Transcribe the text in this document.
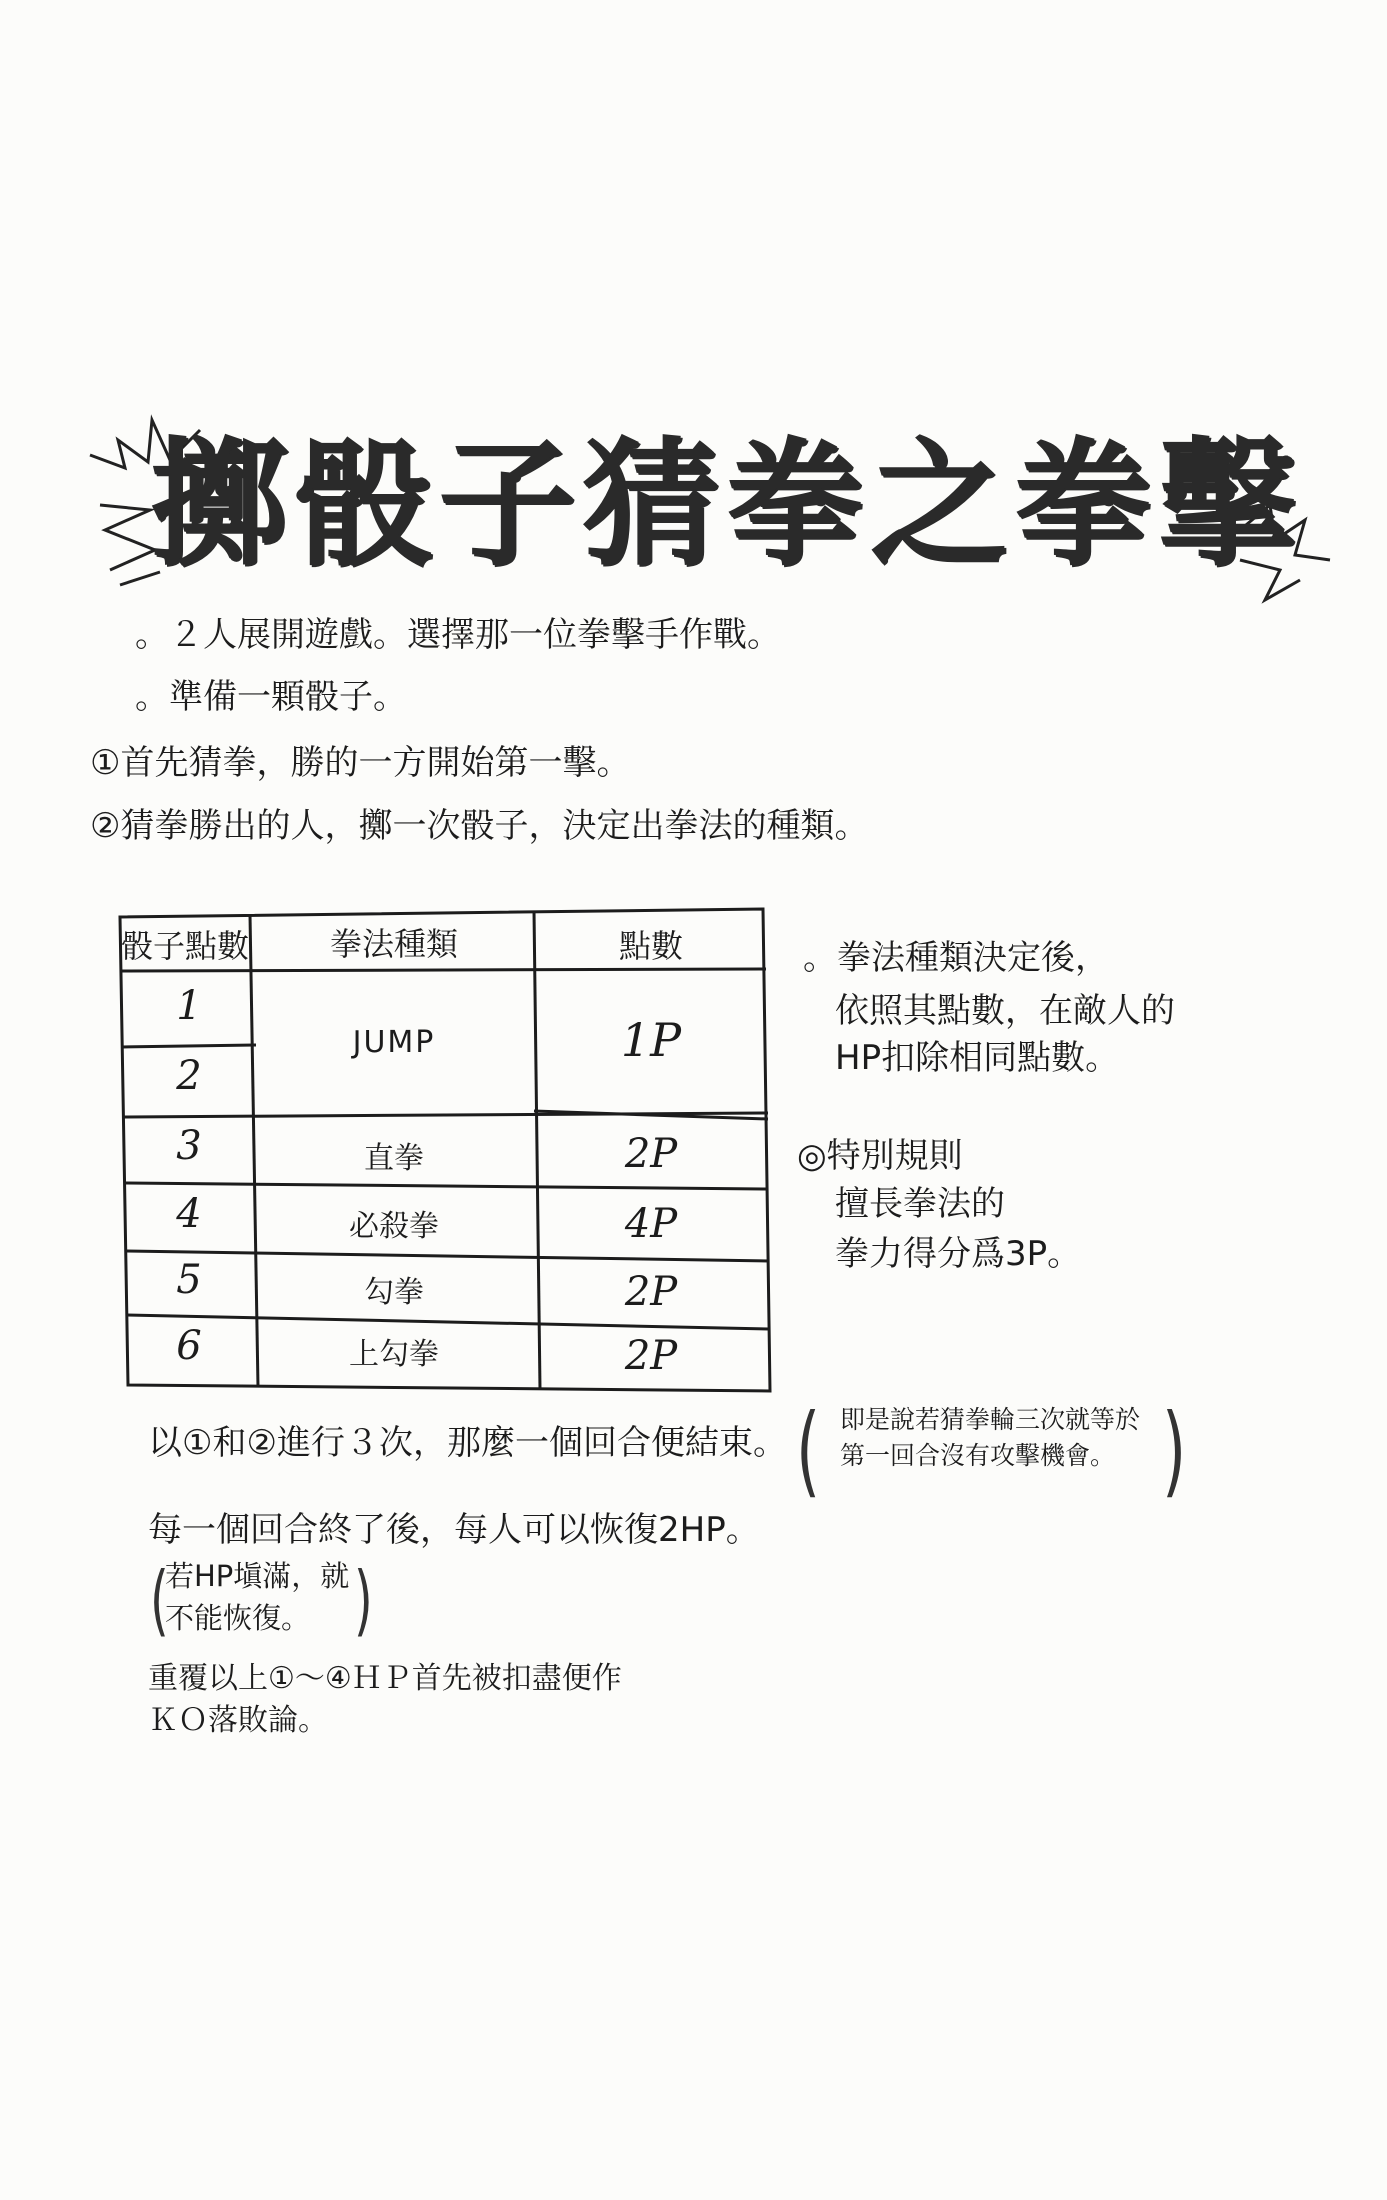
擲骰子猜拳之拳擊
。２人展開遊戲。選擇那一位拳擊手作戰。
。準備一顆骰子。
①首先猜拳，勝的一方開始第一擊。
②猜拳勝出的人，擲一次骰子，決定出拳法的種類。
骰子點數	拳法種類	點數
1
2
3
4
5
6
JUMP
直拳
必殺拳
勾拳
上勾拳
1P
2P
4P
2P
2P
。拳法種類決定後，
依照其點數，在敵人的
HP扣除相同點數。
◎特別規則
擅長拳法的
拳力得分爲3P。
以①和②進行３次，那麼一個回合便結束。 ( 即是說若猜拳輪三次就等於
第一回合沒有攻擊機會。 )
每一個回合終了後，每人可以恢復2HP。
(
若HP塡滿，就
不能恢復。 )
重覆以上①～④ＨＰ首先被扣盡便作
ＫＯ落敗論。
